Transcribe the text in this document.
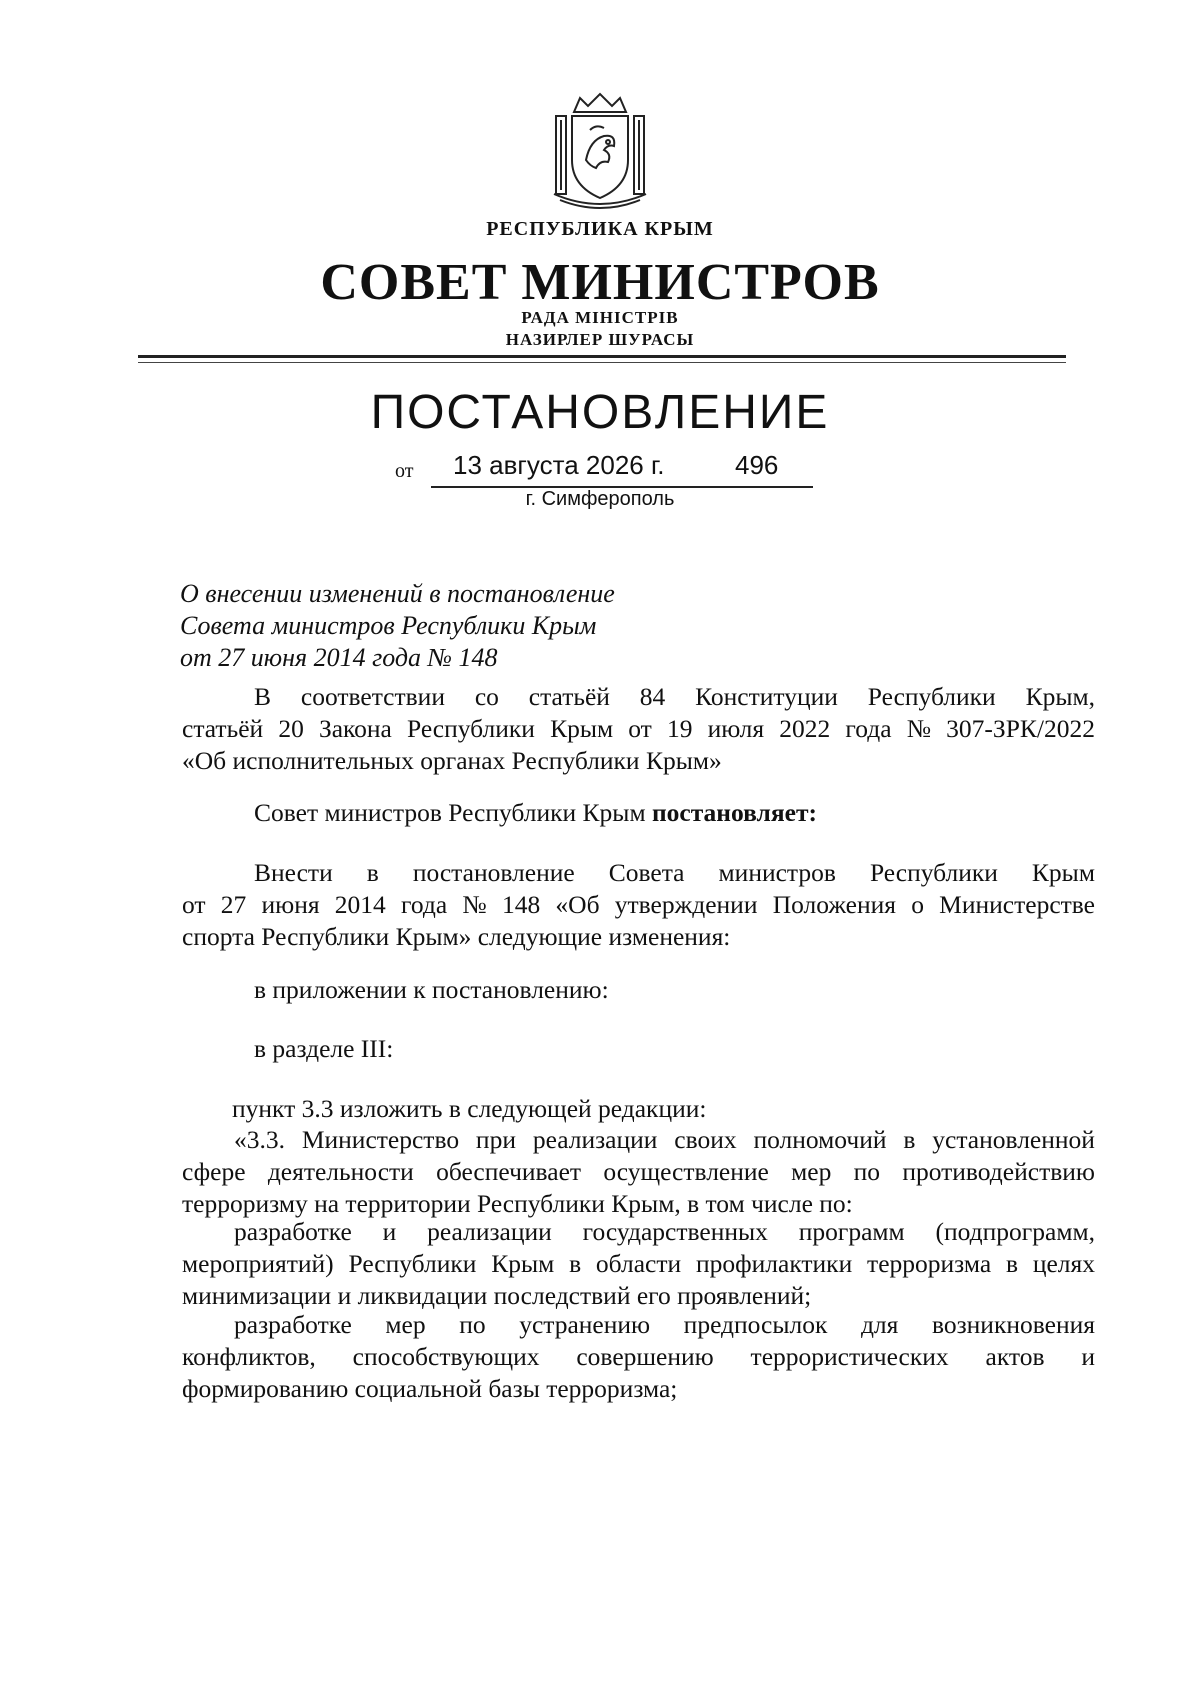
РЕСПУБЛИКА КРЫМ
СОВЕТ МИНИСТРОВ
РАДА МІНІСТРІВ
НАЗИРЛЕР ШУРАСЫ
ПОСТАНОВЛЕНИЕ
от 13 августа 2026 г.	496
г. Симферополь
О внесении изменений в постановление
Совета министров Республики Крым
от 27 июня 2014 года № 148
В соответствии со статьёй 84 Конституции Республики Крым,
статьёй 20 Закона Республики Крым от 19 июля 2022 года № 307-ЗРК/2022
«Об исполнительных органах Республики Крым»
Совет министров Республики Крым постановляет:
Внести в постановление Совета министров Республики Крым
от 27 июня 2014 года № 148 «Об утверждении Положения о Министерстве
спорта Республики Крым» следующие изменения:
в приложении к постановлению:
в разделе III:
пункт 3.3 изложить в следующей редакции:
«3.3. Министерство при реализации своих полномочий в установленной
сфере деятельности обеспечивает осуществление мер по противодействию
терроризму на территории Республики Крым, в том числе по:
разработке и реализации государственных программ (подпрограмм,
мероприятий) Республики Крым в области профилактики терроризма в целях
минимизации и ликвидации последствий его проявлений;
разработке мер по устранению предпосылок для возникновения
конфликтов, способствующих совершению террористических актов и
формированию социальной базы терроризма;
